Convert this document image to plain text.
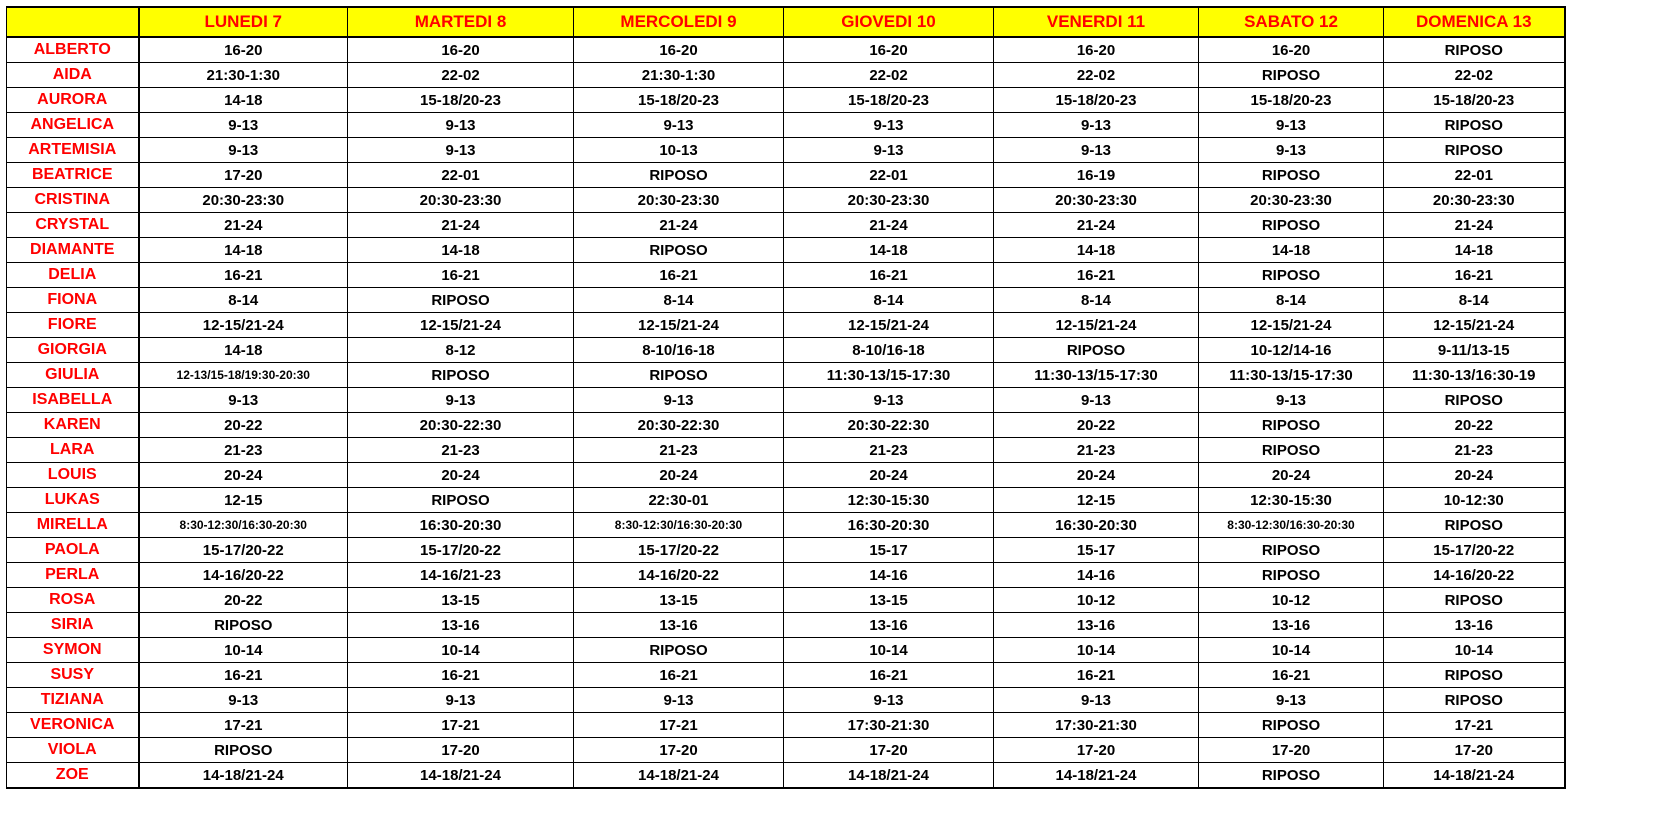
	LUNEDI 7	MARTEDI 8	MERCOLEDI 9	GIOVEDI 10	VENERDI 11	SABATO 12	DOMENICA 13
ALBERTO	16-20	16-20	16-20	16-20	16-20	16-20	RIPOSO
AIDA	21:30-1:30	22-02	21:30-1:30	22-02	22-02	RIPOSO	22-02
AURORA	14-18	15-18/20-23	15-18/20-23	15-18/20-23	15-18/20-23	15-18/20-23	15-18/20-23
ANGELICA	9-13	9-13	9-13	9-13	9-13	9-13	RIPOSO
ARTEMISIA	9-13	9-13	10-13	9-13	9-13	9-13	RIPOSO
BEATRICE	17-20	22-01	RIPOSO	22-01	16-19	RIPOSO	22-01
CRISTINA	20:30-23:30	20:30-23:30	20:30-23:30	20:30-23:30	20:30-23:30	20:30-23:30	20:30-23:30
CRYSTAL	21-24	21-24	21-24	21-24	21-24	RIPOSO	21-24
DIAMANTE	14-18	14-18	RIPOSO	14-18	14-18	14-18	14-18
DELIA	16-21	16-21	16-21	16-21	16-21	RIPOSO	16-21
FIONA	8-14	RIPOSO	8-14	8-14	8-14	8-14	8-14
FIORE	12-15/21-24	12-15/21-24	12-15/21-24	12-15/21-24	12-15/21-24	12-15/21-24	12-15/21-24
GIORGIA	14-18	8-12	8-10/16-18	8-10/16-18	RIPOSO	10-12/14-16	9-11/13-15
GIULIA	12-13/15-18/19:30-20:30	RIPOSO	RIPOSO	11:30-13/15-17:30	11:30-13/15-17:30	11:30-13/15-17:30	11:30-13/16:30-19
ISABELLA	9-13	9-13	9-13	9-13	9-13	9-13	RIPOSO
KAREN	20-22	20:30-22:30	20:30-22:30	20:30-22:30	20-22	RIPOSO	20-22
LARA	21-23	21-23	21-23	21-23	21-23	RIPOSO	21-23
LOUIS	20-24	20-24	20-24	20-24	20-24	20-24	20-24
LUKAS	12-15	RIPOSO	22:30-01	12:30-15:30	12-15	12:30-15:30	10-12:30
MIRELLA	8:30-12:30/16:30-20:30	16:30-20:30	8:30-12:30/16:30-20:30	16:30-20:30	16:30-20:30	8:30-12:30/16:30-20:30	RIPOSO
PAOLA	15-17/20-22	15-17/20-22	15-17/20-22	15-17	15-17	RIPOSO	15-17/20-22
PERLA	14-16/20-22	14-16/21-23	14-16/20-22	14-16	14-16	RIPOSO	14-16/20-22
ROSA	20-22	13-15	13-15	13-15	10-12	10-12	RIPOSO
SIRIA	RIPOSO	13-16	13-16	13-16	13-16	13-16	13-16
SYMON	10-14	10-14	RIPOSO	10-14	10-14	10-14	10-14
SUSY	16-21	16-21	16-21	16-21	16-21	16-21	RIPOSO
TIZIANA	9-13	9-13	9-13	9-13	9-13	9-13	RIPOSO
VERONICA	17-21	17-21	17-21	17:30-21:30	17:30-21:30	RIPOSO	17-21
VIOLA	RIPOSO	17-20	17-20	17-20	17-20	17-20	17-20
ZOE	14-18/21-24	14-18/21-24	14-18/21-24	14-18/21-24	14-18/21-24	RIPOSO	14-18/21-24
